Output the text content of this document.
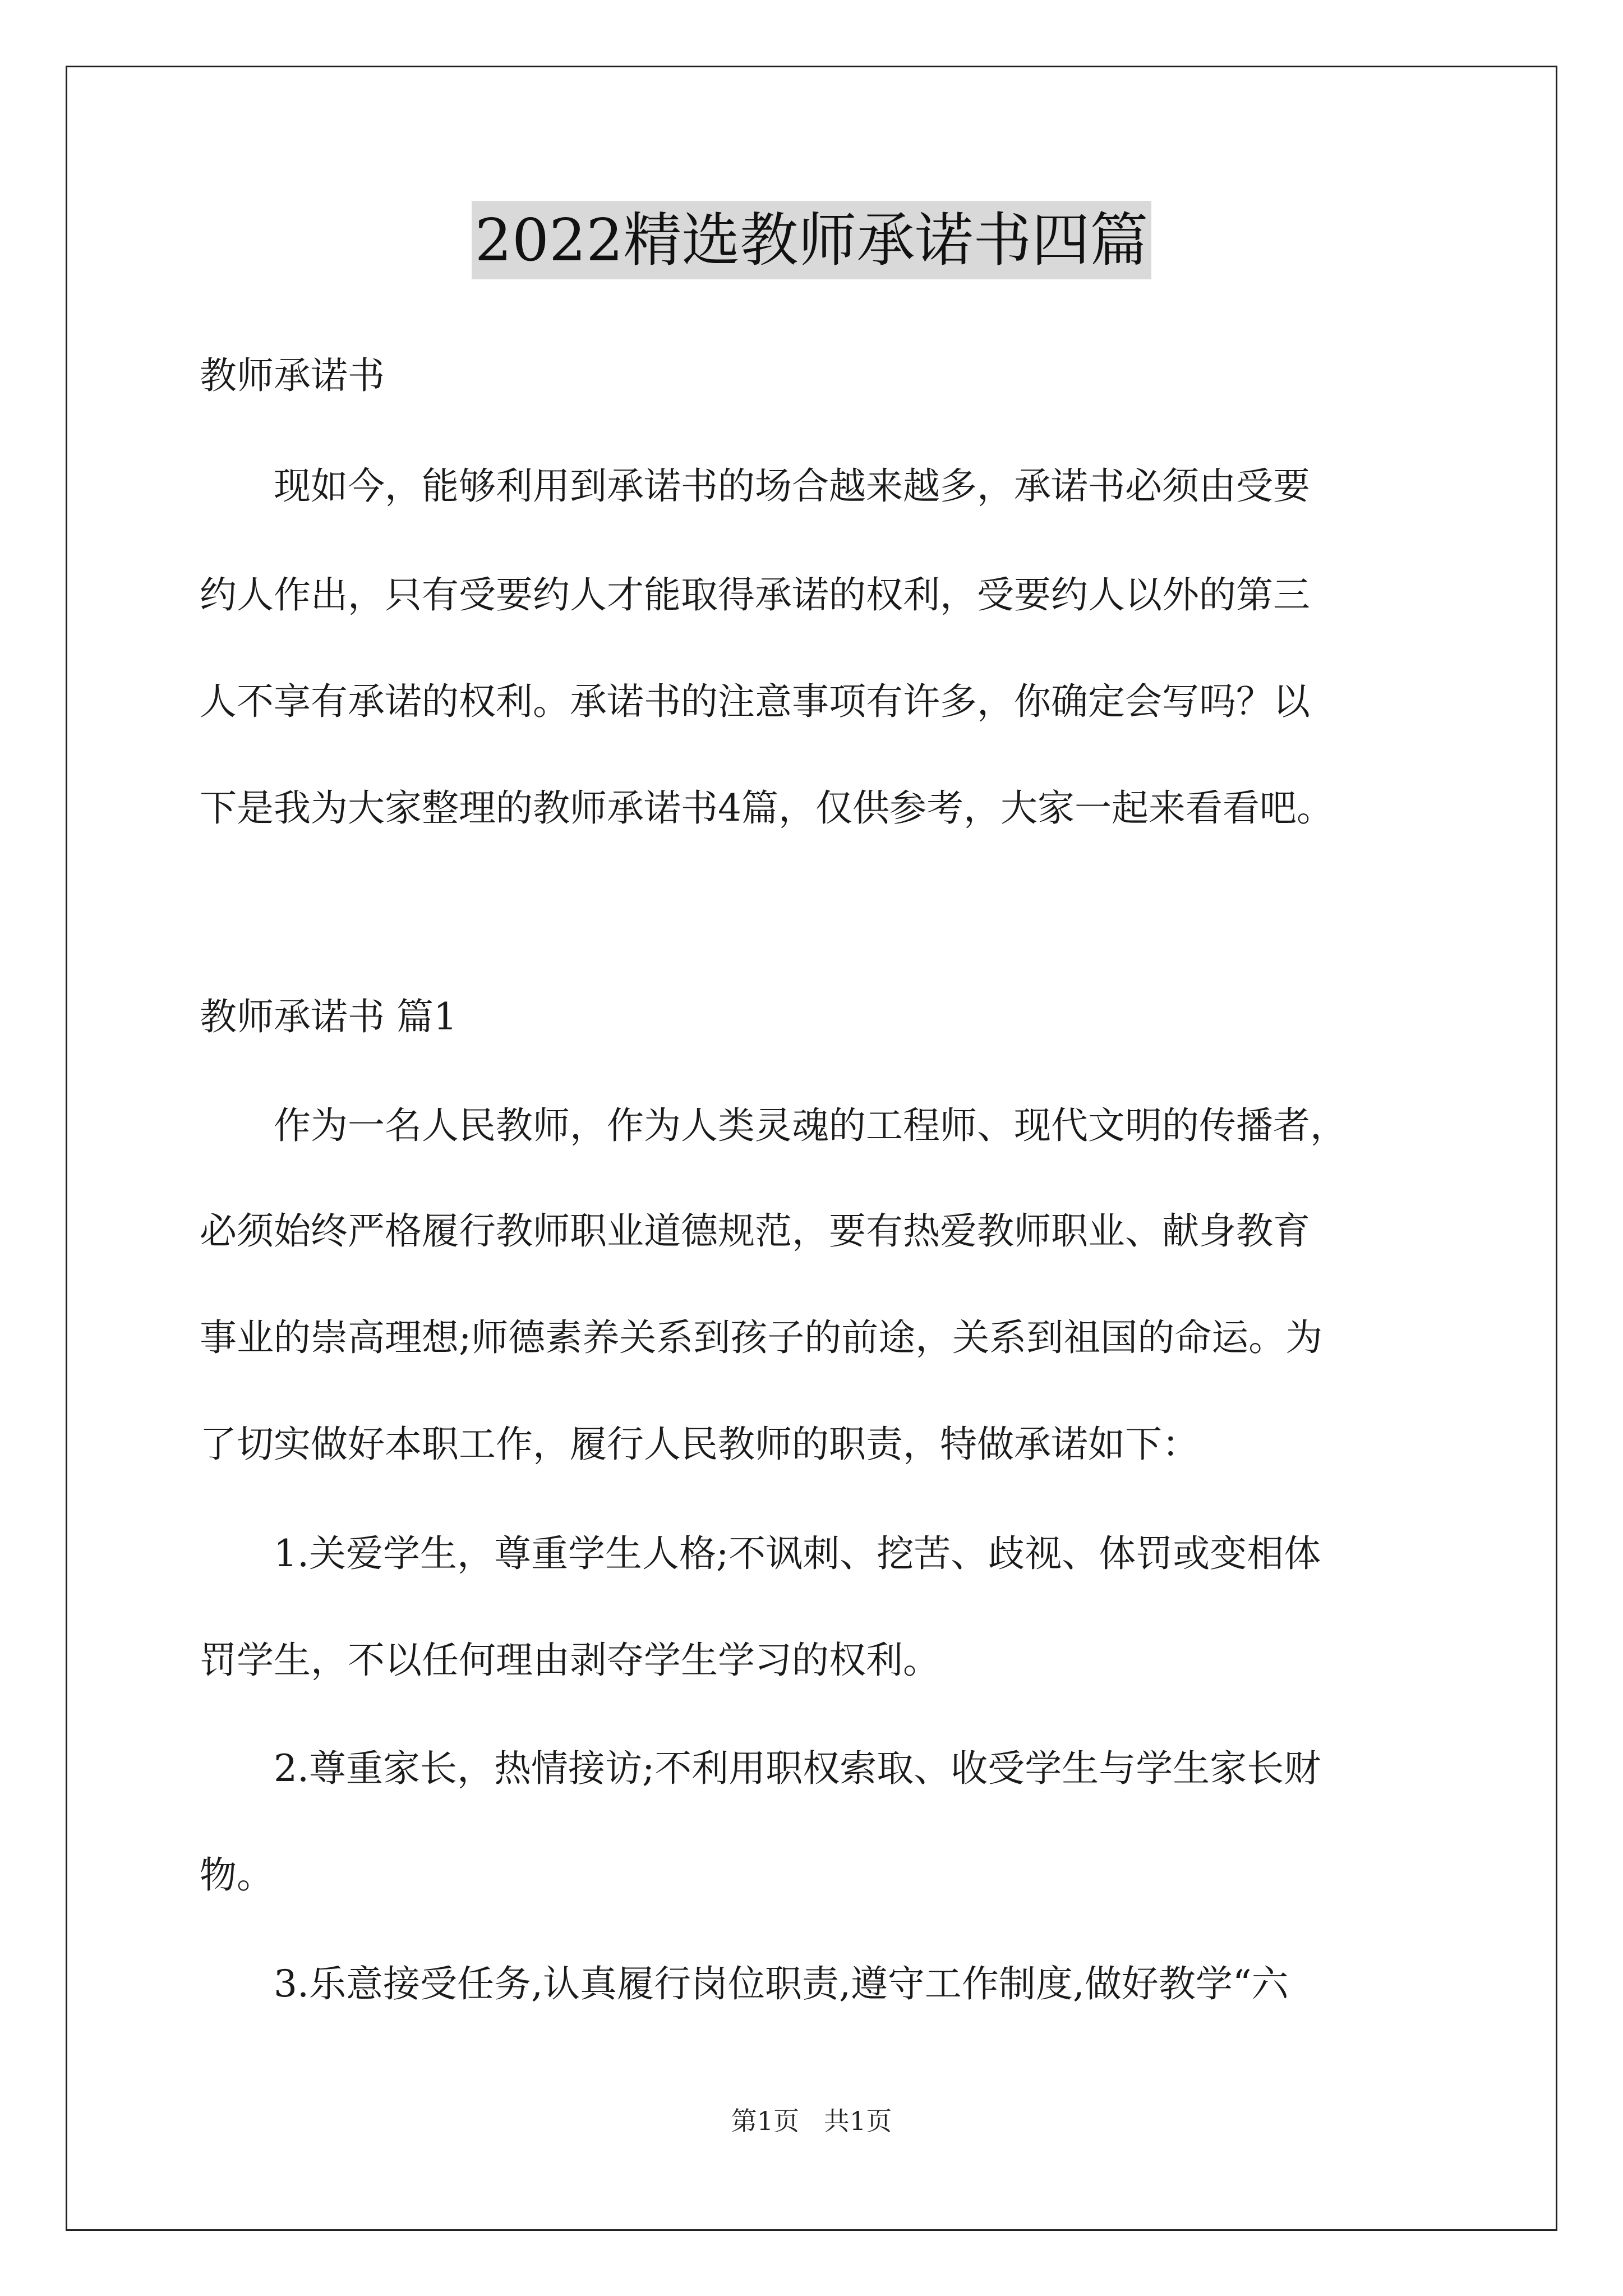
2022精选教师承诺书四篇
教师承诺书
现如今，能够利用到承诺书的场合越来越多，承诺书必须由受要
约人作出，只有受要约人才能取得承诺的权利，受要约人以外的第三
人不享有承诺的权利。承诺书的注意事项有许多，你确定会写吗？以
下是我为大家整理的教师承诺书4篇，仅供参考，大家一起来看看吧。
教师承诺书 篇1
作为一名人民教师，作为人类灵魂的工程师、现代文明的传播者，
必须始终严格履行教师职业道德规范，要有热爱教师职业、献身教育
事业的崇高理想;师德素养关系到孩子的前途，关系到祖国的命运。为
了切实做好本职工作，履行人民教师的职责，特做承诺如下：
1.关爱学生，尊重学生人格;不讽刺、挖苦、歧视、体罚或变相体
罚学生，不以任何理由剥夺学生学习的权利。
2.尊重家长，热情接访;不利用职权索取、收受学生与学生家长财
物。
3.乐意接受任务,认真履行岗位职责,遵守工作制度,做好教学“六
第1页   共1页
